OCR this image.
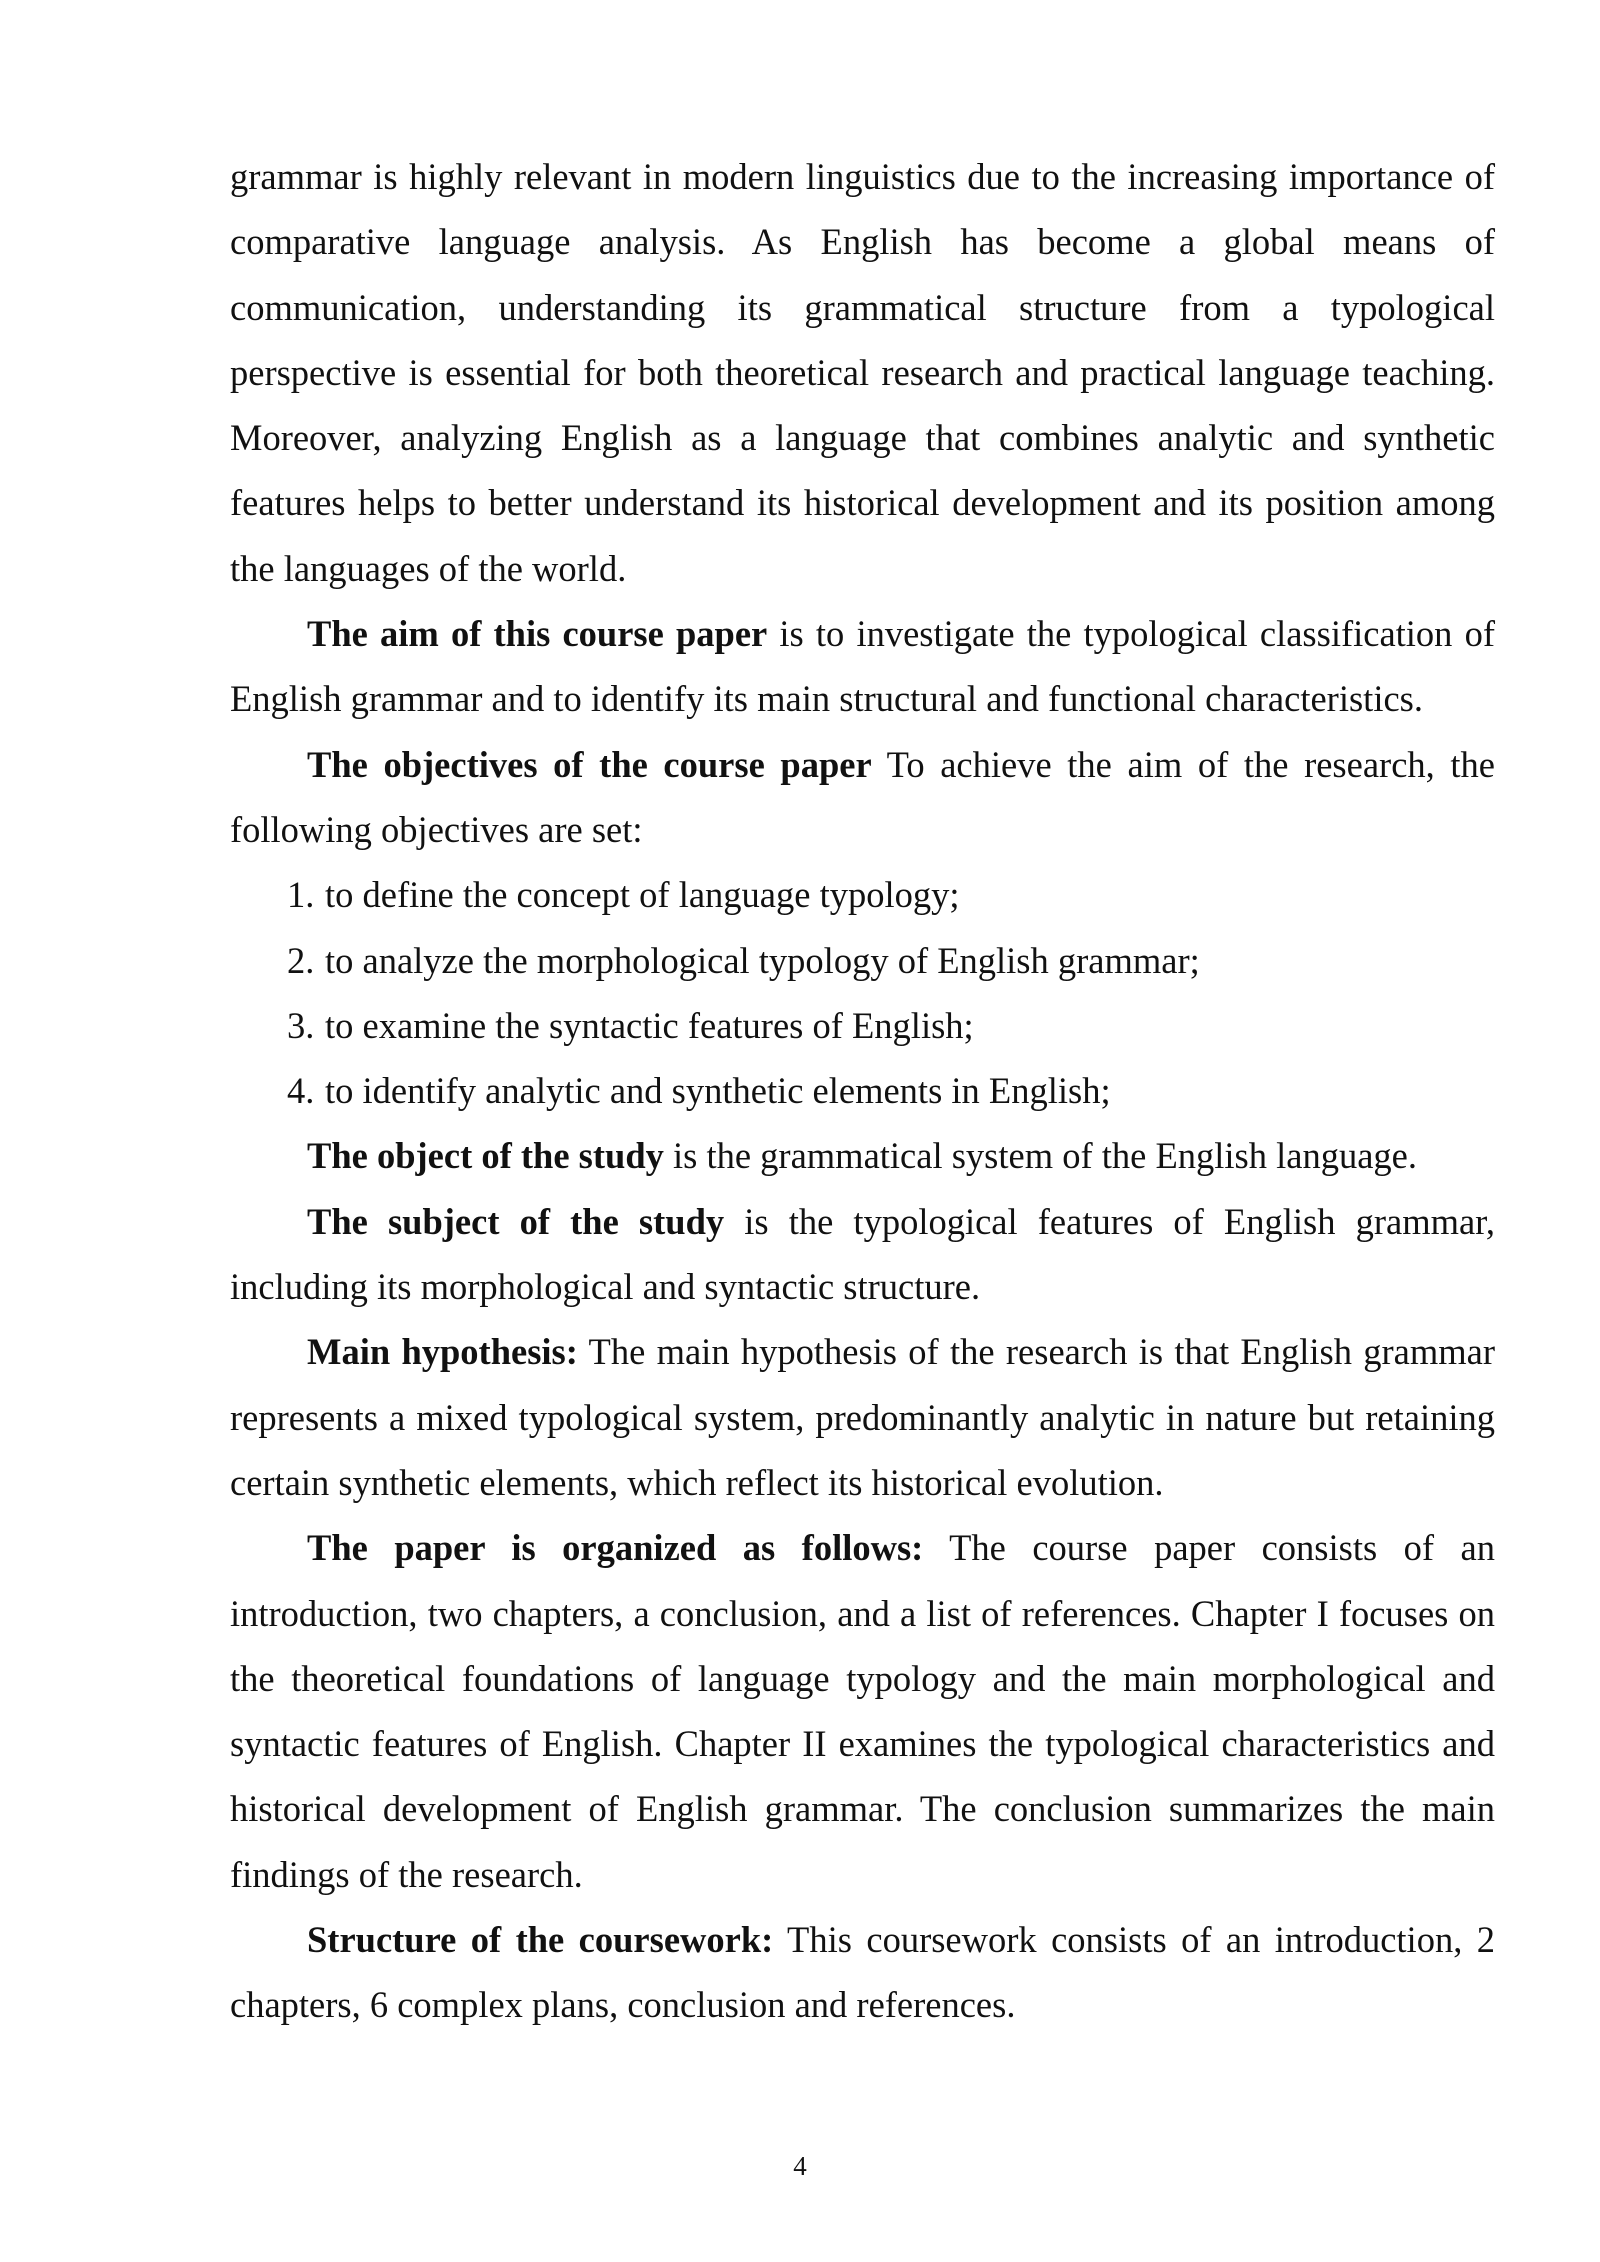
grammar is highly relevant in modern linguistics due to the increasing importance of comparative language analysis. As English has become a global means of communication, understanding its grammatical structure from a typological perspective is essential for both theoretical research and practical language teaching. Moreover, analyzing English as a language that combines analytic and synthetic features helps to better understand its historical development and its position among the languages of the world.

The aim of this course paper is to investigate the typological classification of English grammar and to identify its main structural and functional characteristics.

The objectives of the course paper To achieve the aim of the research, the following objectives are set:

1. to define the concept of language typology;

2. to analyze the morphological typology of English grammar;

3. to examine the syntactic features of English;

4. to identify analytic and synthetic elements in English;

The object of the study is the grammatical system of the English language.

The subject of the study is the typological features of English grammar, including its morphological and syntactic structure.

Main hypothesis: The main hypothesis of the research is that English grammar represents a mixed typological system, predominantly analytic in nature but retaining certain synthetic elements, which reflect its historical evolution.

The paper is organized as follows: The course paper consists of an introduction, two chapters, a conclusion, and a list of references. Chapter I focuses on the theoretical foundations of language typology and the main morphological and syntactic features of English. Chapter II examines the typological characteristics and historical development of English grammar. The conclusion summarizes the main findings of the research.

Structure of the coursework: This coursework consists of an introduction, 2 chapters, 6 complex plans, conclusion and references.

4
